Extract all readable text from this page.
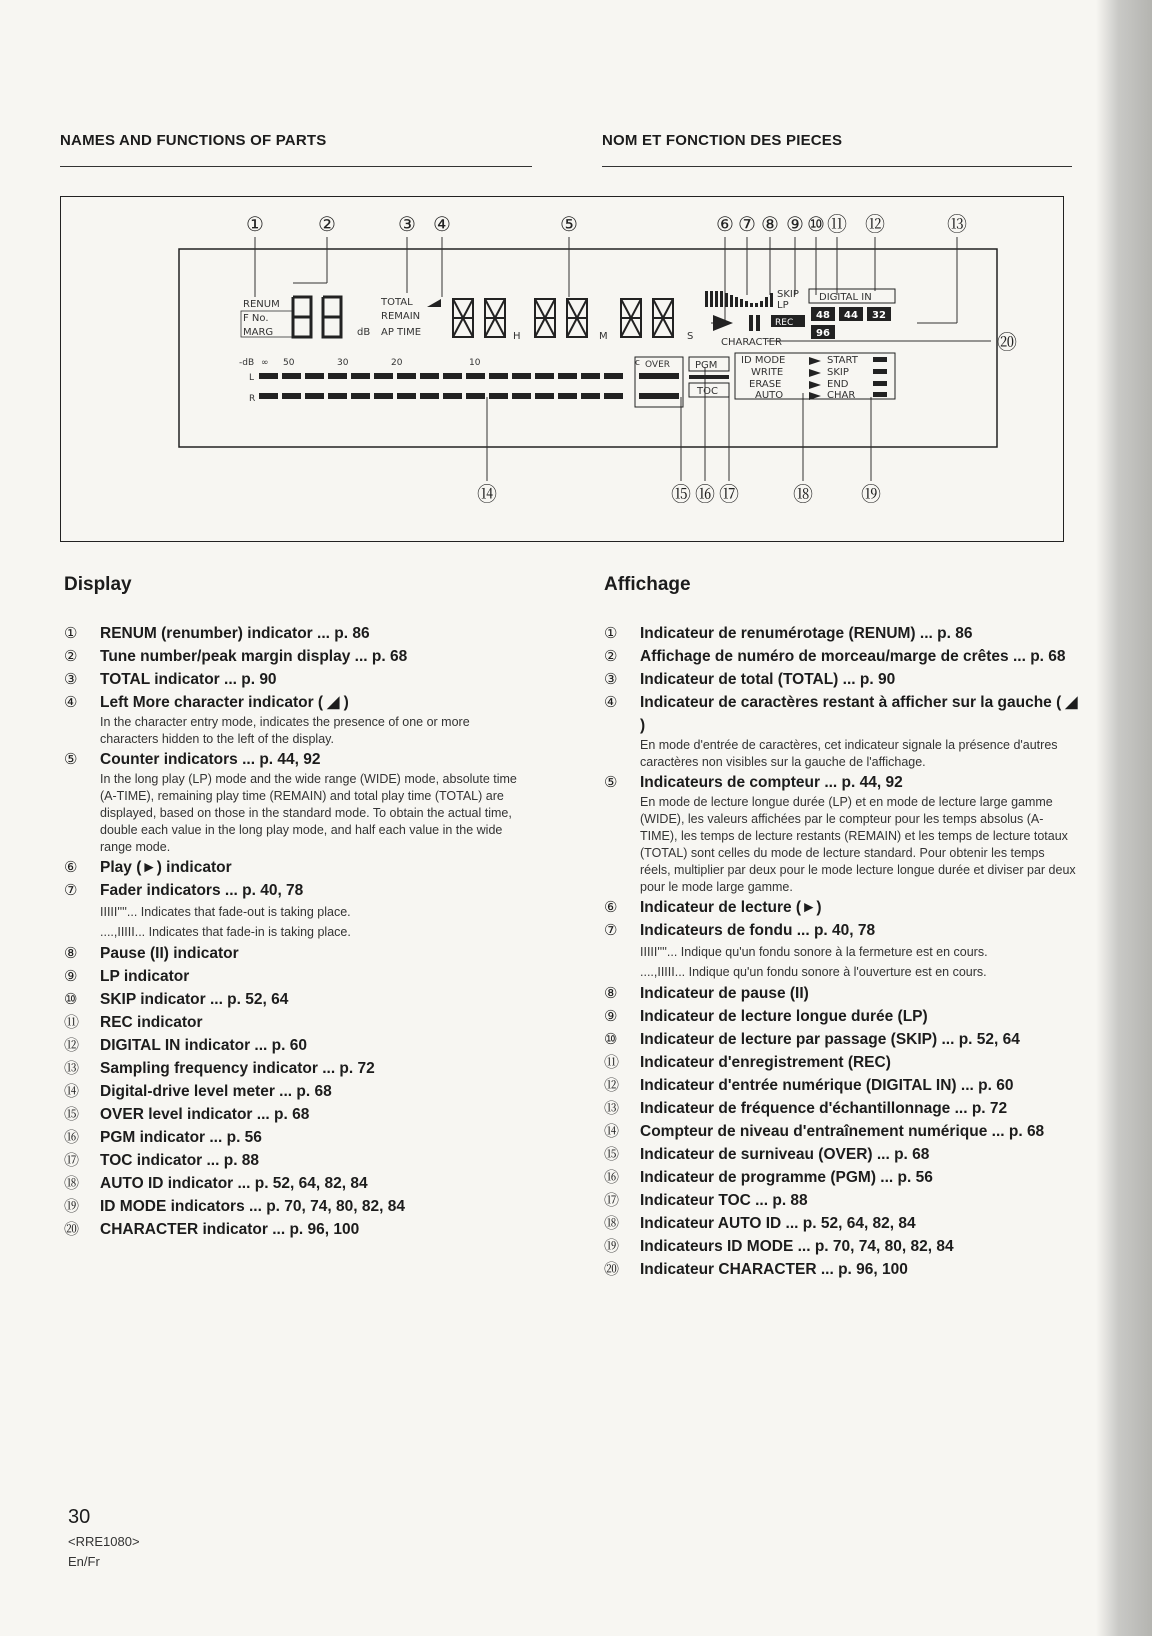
NAMES AND FUNCTIONS OF PARTS	NOM ET FONCTION DES PIECES
①	②	③ ④	⑤	⑥ ⑦ ⑧ ⑨ ⑩ ⑪ ⑫	⑬
⑭	⑮ ⑯ ⑰	⑱ ⑲
⑳
RENUM
F No.
MARG	dB
TOTAL
REMAIN
AP TIME	H	M	S
SKIP
LP
CHARACTER
REC
DIGITAL IN
48 44 32
96
-dB ∞ 50	30	20	10	c
L
R
OVER PGM
TOC
ID MODE
WRITE
ERASE
AUTO
START
SKIP
END
CHAR
Display
① RENUM (renumber) indicator ... p. 86
② Tune number/peak margin display ... p. 68
③ TOTAL indicator ... p. 90
④ Left More character indicator ( ◢ )
In the character entry mode, indicates the presence of one or more characters hidden to the left of the display.
⑤ Counter indicators ... p. 44, 92
In the long play (LP) mode and the wide range (WIDE) mode, absolute time (A-TIME), remaining play time (REMAIN) and total play time (TOTAL) are displayed, based on those in the standard mode. To obtain the actual time, double each value in the long play mode, and half each value in the wide range mode.
⑥ Play (►) indicator
⑦ Fader indicators ... p. 40, 78
IIIII''''... Indicates that fade-out is taking place.
....,IIIII... Indicates that fade-in is taking place.
⑧ Pause (II) indicator
⑨ LP indicator
⑩ SKIP indicator ... p. 52, 64
⑪ REC indicator
⑫ DIGITAL IN indicator ... p. 60
⑬ Sampling frequency indicator ... p. 72
⑭ Digital-drive level meter ... p. 68
⑮ OVER level indicator ... p. 68
⑯ PGM indicator ... p. 56
⑰ TOC indicator ... p. 88
⑱ AUTO ID indicator ... p. 52, 64, 82, 84
⑲ ID MODE indicators ... p. 70, 74, 80, 82, 84
⑳ CHARACTER indicator ... p. 96, 100
Affichage
① Indicateur de renumérotage (RENUM) ... p. 86
② Affichage de numéro de morceau/marge de crêtes ... p. 68
③ Indicateur de total (TOTAL) ... p. 90
④ Indicateur de caractères restant à afficher sur la gauche ( ◢ )
En mode d'entrée de caractères, cet indicateur signale la présence d'autres caractères non visibles sur la gauche de l'affichage.
⑤ Indicateurs de compteur ... p. 44, 92
En mode de lecture longue durée (LP) et en mode de lecture large gamme (WIDE), les valeurs affichées par le compteur pour les temps absolus (A-TIME), les temps de lecture restants (REMAIN) et les temps de lecture totaux (TOTAL) sont celles du mode de lecture standard. Pour obtenir les temps réels, multiplier par deux pour le mode lecture longue durée et diviser par deux pour le mode large gamme.
⑥ Indicateur de lecture (►)
⑦ Indicateurs de fondu ... p. 40, 78
IIIII''''... Indique qu'un fondu sonore à la fermeture est en cours.
....,IIIII... Indique qu'un fondu sonore à l'ouverture est en cours.
⑧ Indicateur de pause (II)
⑨ Indicateur de lecture longue durée (LP)
⑩ Indicateur de lecture par passage (SKIP) ... p. 52, 64
⑪ Indicateur d'enregistrement (REC)
⑫ Indicateur d'entrée numérique (DIGITAL IN) ... p. 60
⑬ Indicateur de fréquence d'échantillonnage ... p. 72
⑭ Compteur de niveau d'entraînement numérique ... p. 68
⑮ Indicateur de surniveau (OVER) ... p. 68
⑯ Indicateur de programme (PGM) ... p. 56
⑰ Indicateur TOC ... p. 88
⑱ Indicateur AUTO ID ... p. 52, 64, 82, 84
⑲ Indicateurs ID MODE ... p. 70, 74, 80, 82, 84
⑳ Indicateur CHARACTER ... p. 96, 100
30
<RRE1080>
En/Fr
